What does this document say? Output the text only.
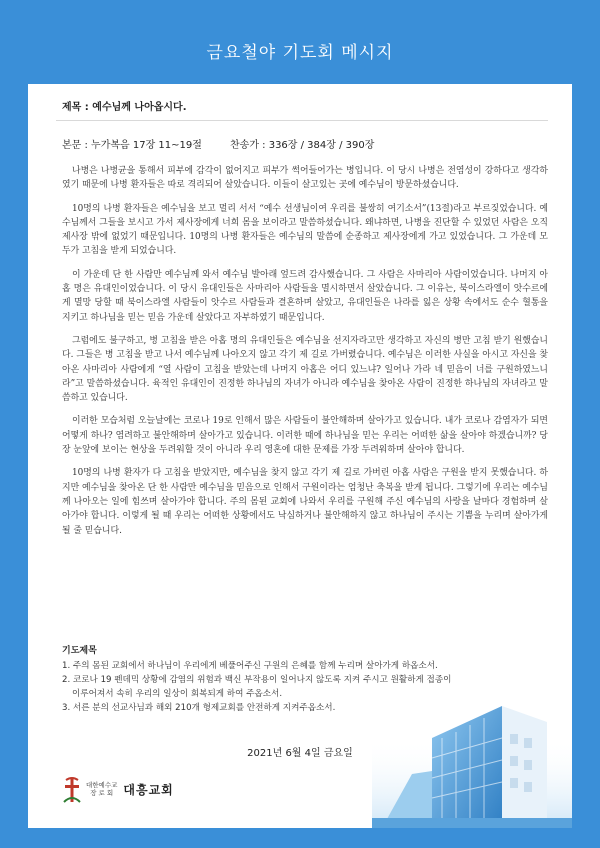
금요철야 기도회 메시지
제목 : 예수님께 나아옵시다.
본문 : 누가복음 17장 11~19절	찬송가 : 336장 / 384장 / 390장

나병은 나병균을 통해서 피부에 감각이 없어지고 피부가 썩어들어가는 병입니다. 이 당시 나병은 전염성이 강하다고 생각하였기 때문에 나병 환자들은 따로 격리되어 살았습니다. 이들이 살고있는 곳에 예수님이 방문하셨습니다.

10명의 나병 환자들은 예수님을 보고 멀리 서서 “예수 선생님이여 우리를 불쌍히 여기소서”(13절)라고 부르짖었습니다. 예수님께서 그들을 보시고 가서 제사장에게 너희 몸을 보이라고 말씀하셨습니다. 왜냐하면, 나병을 진단할 수 있었던 사람은 오직 제사장 밖에 없었기 때문입니다. 10명의 나병 환자들은 예수님의 말씀에 순종하고 제사장에게 가고 있었습니다. 그 가운데 모두가 고침을 받게 되었습니다.

이 가운데 단 한 사람만 예수님께 와서 예수님 발아래 엎드려 감사했습니다. 그 사람은 사마리아 사람이었습니다. 나머지 아홉 명은 유대인이었습니다. 이 당시 유대인들은 사마리아 사람들을 멸시하면서 살았습니다. 그 이유는, 북이스라엘이 앗수르에게 멸망 당할 때 북이스라엘 사람들이 앗수르 사람들과 결혼하며 살았고, 유대인들은 나라를 잃은 상황 속에서도 순수 혈통을 지키고 하나님을 믿는 믿음 가운데 살았다고 자부하였기 때문입니다.

그럼에도 불구하고, 병 고침을 받은 아홉 명의 유대인들은 예수님을 선지자라고만 생각하고 자신의 병만 고침 받기 원했습니다. 그들은 병 고침을 받고 나서 예수님께 나아오지 않고 각기 제 길로 가버렸습니다. 예수님은 이러한 사실을 아시고 자신을 찾아온 사마리아 사람에게 “열 사람이 고침을 받았는데 나머지 아홉은 어디 있느냐? 일어나 가라 네 믿음이 너를 구원하였느니라”고 말씀하셨습니다. 육적인 유대인이 진정한 하나님의 자녀가 아니라 예수님을 찾아온 사람이 진정한 하나님의 자녀라고 말씀하고 있습니다.

이러한 모습처럼 오늘날에는 코로나 19로 인해서 많은 사람들이 불안해하며 살아가고 있습니다. 내가 코로나 감염자가 되면 어떻게 하나? 염려하고 불안해하며 살아가고 있습니다. 이러한 때에 하나님을 믿는 우리는 어떠한 삶을 살아야 하겠습니까? 당장 눈앞에 보이는 현상을 두려워할 것이 아니라 우리 영혼에 대한 문제를 가장 두려워하며 살아야 합니다.

10명의 나병 환자가 다 고침을 받았지만, 예수님을 찾지 않고 각기 제 길로 가버린 아홉 사람은 구원을 받지 못했습니다. 하지만 예수님을 찾아온 단 한 사람만 예수님을 믿음으로 인해서 구원이라는 엄청난 축복을 받게 됩니다. 그렇기에 우리는 예수님께 나아오는 일에 힘쓰며 살아가야 합니다. 주의 몸된 교회에 나와서 우리를 구원해 주신 예수님의 사랑을 날마다 경험하며 살아가야 합니다. 이렇게 될 때 우리는 어떠한 상황에서도 낙심하거나 불안해하지 않고 하나님이 주시는 기쁨을 누리며 살아가게 될 줄 믿습니다.

기도제목
1. 주의 몸된 교회에서 하나님이 우리에게 베풀어주신 구원의 은혜를 함께 누리며 살아가게 하옵소서.
2. 코로나 19 펜데믹 상황에 감염의 위험과 백신 부작용이 일어나지 않도록 지켜 주시고 원활하게 접종이
이루어져서 속히 우리의 일상이 회복되게 하여 주옵소서.
3. 서른 분의 선교사님과 해외 210개 형제교회를 안전하게 지켜주옵소서.
2021년 6월 4일 금요일
대한예수교
장 로 회 대흥교회
